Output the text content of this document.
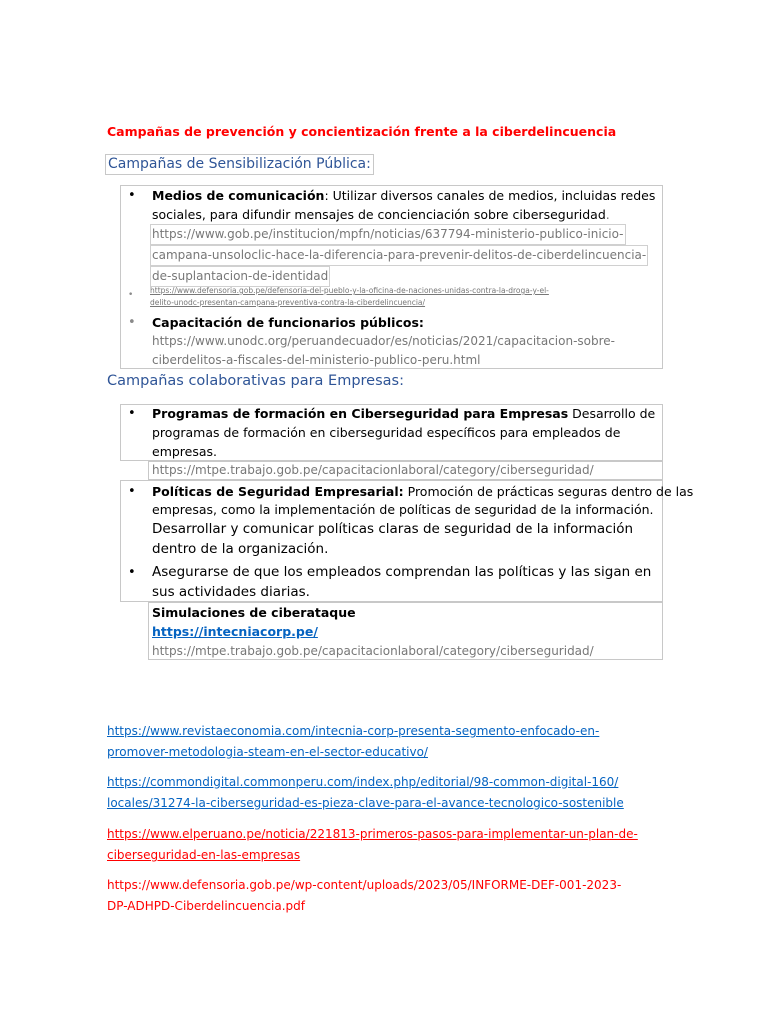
Campañas de prevención y concientización frente a la ciberdelincuencia
Campañas de Sensibilización Pública:
• Medios de comunicación: Utilizar diversos canales de medios, incluidas redes
sociales, para difundir mensajes de concienciación sobre ciberseguridad.
https://www.gob.pe/institucion/mpfn/noticias/637794-ministerio-publico-inicio-
campana-unsoloclic-hace-la-diferencia-para-prevenir-delitos-de-ciberdelincuencia-
de-suplantacion-de-identidad
• https://www.defensoria.gob.pe/defensoria-del-pueblo-y-la-oficina-de-naciones-unidas-contra-la-droga-y-el-
delito-unodc-presentan-campana-preventiva-contra-la-ciberdelincuencia/
• Capacitación de funcionarios públicos:
https://www.unodc.org/peruandecuador/es/noticias/2021/capacitacion-sobre-
ciberdelitos-a-fiscales-del-ministerio-publico-peru.html
Campañas colaborativas para Empresas:
• Programas de formación en Ciberseguridad para Empresas Desarrollo de
programas de formación en ciberseguridad específicos para empleados de
empresas.
https://mtpe.trabajo.gob.pe/capacitacionlaboral/category/ciberseguridad/
• Políticas de Seguridad Empresarial: Promoción de prácticas seguras dentro de las
empresas, como la implementación de políticas de seguridad de la información.
Desarrollar y comunicar políticas claras de seguridad de la información
dentro de la organización.
• Asegurarse de que los empleados comprendan las políticas y las sigan en
sus actividades diarias.
Simulaciones de ciberataque
https://intecniacorp.pe/
https://mtpe.trabajo.gob.pe/capacitacionlaboral/category/ciberseguridad/
https://www.revistaeconomia.com/intecnia-corp-presenta-segmento-enfocado-en-
promover-metodologia-steam-en-el-sector-educativo/
https://commondigital.commonperu.com/index.php/editorial/98-common-digital-160/
locales/31274-la-ciberseguridad-es-pieza-clave-para-el-avance-tecnologico-sostenible
https://www.elperuano.pe/noticia/221813-primeros-pasos-para-implementar-un-plan-de-
ciberseguridad-en-las-empresas
https://www.defensoria.gob.pe/wp-content/uploads/2023/05/INFORME-DEF-001-2023-
DP-ADHPD-Ciberdelincuencia.pdf
